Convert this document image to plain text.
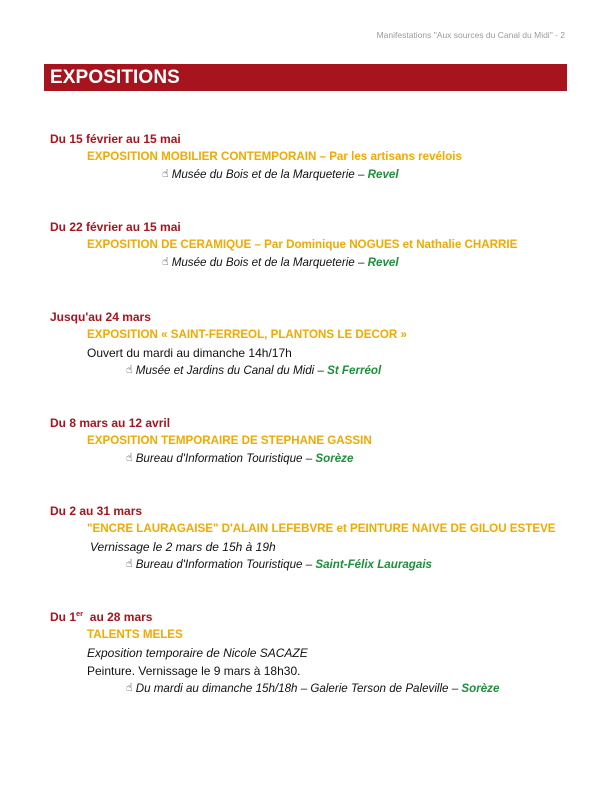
Manifestations "Aux sources du Canal du Midi" - 2
EXPOSITIONS
Du 15 février au 15 mai
EXPOSITION MOBILIER CONTEMPORAIN – Par les artisans revélois
☝ Musée du Bois et de la Marqueterie – Revel
Du 22 février au 15 mai
EXPOSITION DE CERAMIQUE – Par Dominique NOGUES et Nathalie CHARRIE
☝ Musée du Bois et de la Marqueterie – Revel
Jusqu'au 24 mars
EXPOSITION « SAINT-FERREOL, PLANTONS LE DECOR »
Ouvert du mardi au dimanche 14h/17h
☝ Musée et Jardins du Canal du Midi – St Ferréol
Du 8 mars au 12 avril
EXPOSITION TEMPORAIRE DE STEPHANE GASSIN
☝ Bureau d'Information Touristique – Sorèze
Du 2 au 31 mars
"ENCRE LAURAGAISE" D'ALAIN LEFEBVRE et PEINTURE NAIVE DE GILOU ESTEVE
Vernissage le 2 mars de 15h à 19h
☝ Bureau d'Information Touristique – Saint-Félix Lauragais
Du 1er  au 28 mars
TALENTS MELES
Exposition temporaire de Nicole SACAZE
Peinture. Vernissage le 9 mars à 18h30.
☝ Du mardi au dimanche 15h/18h – Galerie Terson de Paleville – Sorèze
